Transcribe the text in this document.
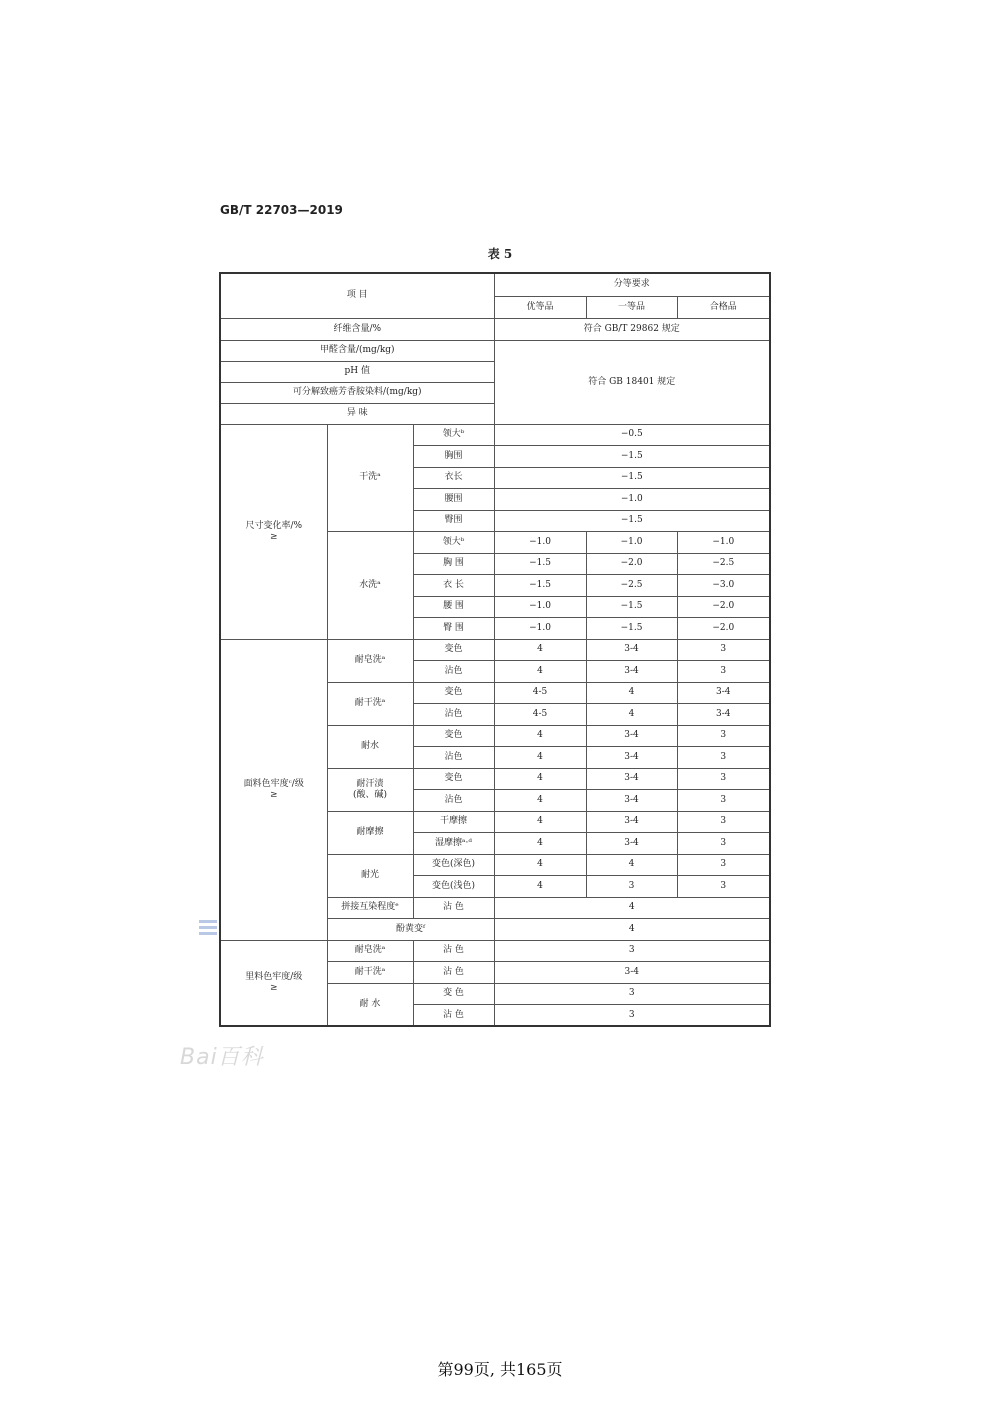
GB/T 22703—2019
表 5
项 目			分等要求		
			优等品	一等品	合格品
纤维含量/%			符合 GB/T 29862 规定		
甲醛含量/(mg/kg)			符合 GB 18401 规定		
pH 值					
可分解致癌芳香胺染料/(mg/kg)					
异 味					

尺寸变化率/%
≥	干洗ᵃ	领大ᵇ	−0.5		
		胸围	−1.5		
		衣长	−1.5		
		腰围	−1.0		
		臀围	−1.5		
	水洗ᵃ	领大ᵇ	−1.0	−1.0	−1.0
		胸 围	−1.5	−2.0	−2.5
		衣 长	−1.5	−2.5	−3.0
		腰 围	−1.0	−1.5	−2.0
		臀 围	−1.0	−1.5	−2.0

面料色牢度ᶜ/级
≥	耐皂洗ᵃ	变色	4	3-4	3
		沾色	4	3-4	3
	耐干洗ᵃ	变色	4-5	4	3-4
		沾色	4-5	4	3-4
	耐水	变色	4	3-4	3
		沾色	4	3-4	3

	耐汗渍
(酸、碱)	变色	4	3-4	3
		沾色	4	3-4	3
	耐摩擦	干摩擦	4	3-4	3
		湿摩擦ᵃ·ᵈ	4	3-4	3
	耐光	变色(深色)	4	4	3
		变色(浅色)	4	3	3
	拼接互染程度ᵉ	沾 色	4		
	酚黄变ᶠ		4		

里料色牢度/级
≥	耐皂洗ᵃ	沾 色	3		
	耐干洗ᵃ	沾 色	3-4		
	耐 水	变 色	3		
		沾 色	3		
Bai百科
第99页, 共165页
